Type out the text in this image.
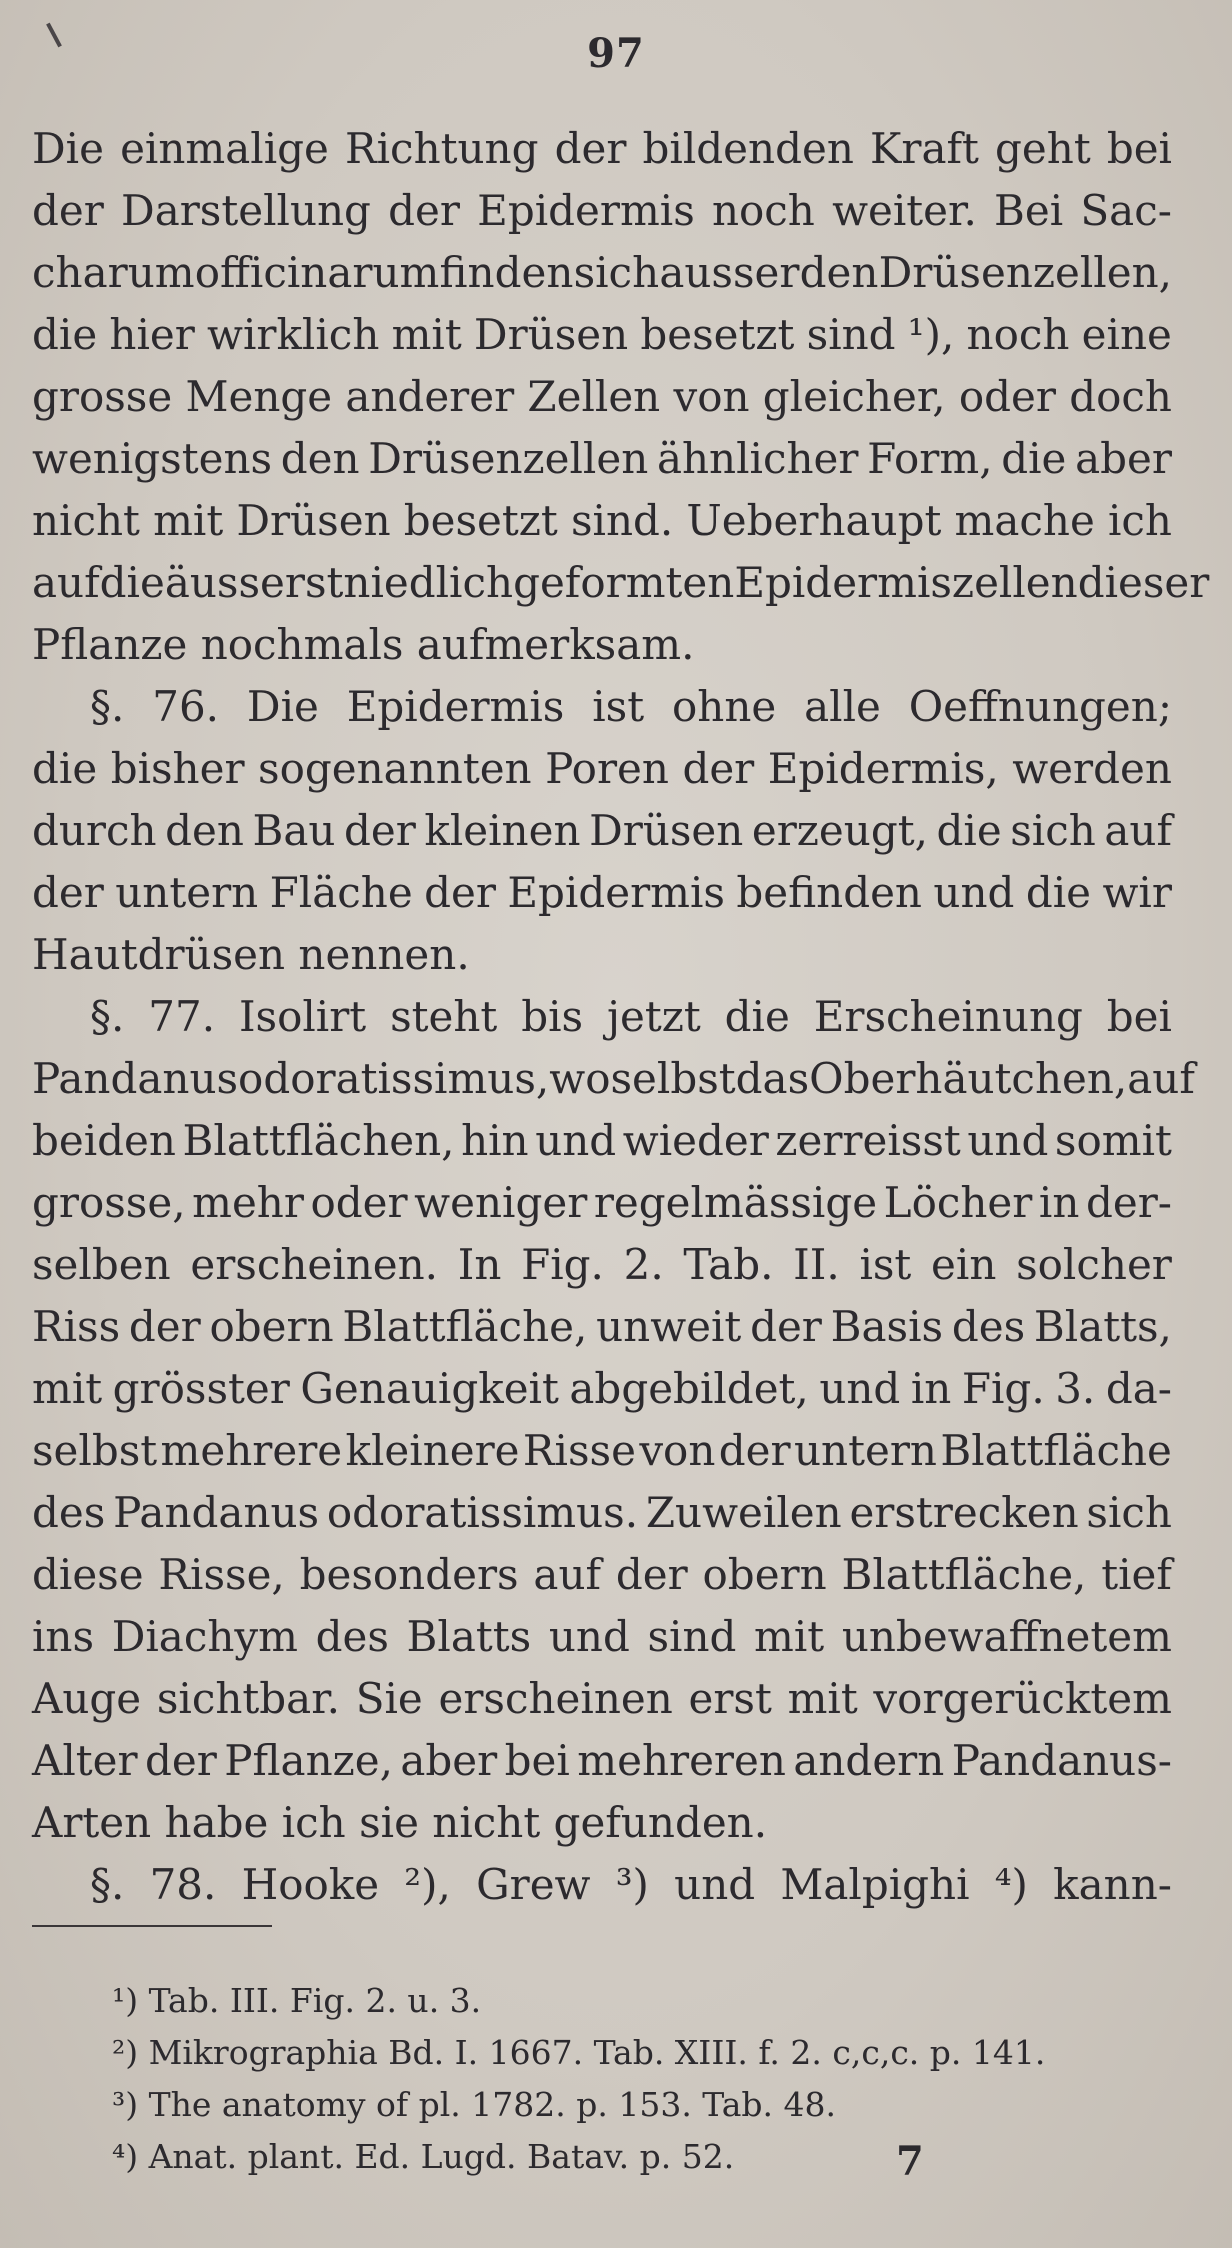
97
Die einmalige Richtung der bildenden Kraft geht bei
der Darstellung der Epidermis noch weiter. Bei Sac-
charum officinarum finden sich ausser den Drüsenzellen,
die hier wirklich mit Drüsen besetzt sind ¹), noch eine
grosse Menge anderer Zellen von gleicher, oder doch
wenigstens den Drüsenzellen ähnlicher Form, die aber
nicht mit Drüsen besetzt sind. Ueberhaupt mache ich
auf die äusserst niedlich geformten Epidermiszellen dieser
Pflanze nochmals aufmerksam.
§. 76. Die Epidermis ist ohne alle Oeffnungen;
die bisher sogenannten Poren der Epidermis, werden
durch den Bau der kleinen Drüsen erzeugt, die sich auf
der untern Fläche der Epidermis befinden und die wir
Hautdrüsen nennen.
§. 77. Isolirt steht bis jetzt die Erscheinung bei
Pandanus odoratissimus, woselbst das Oberhäutchen, auf
beiden Blattflächen, hin und wieder zerreisst und somit
grosse, mehr oder weniger regelmässige Löcher in der-
selben erscheinen. In Fig. 2. Tab. II. ist ein solcher
Riss der obern Blattfläche, unweit der Basis des Blatts,
mit grösster Genauigkeit abgebildet, und in Fig. 3. da-
selbst mehrere kleinere Risse von der untern Blattfläche
des Pandanus odoratissimus. Zuweilen erstrecken sich
diese Risse, besonders auf der obern Blattfläche, tief
ins Diachym des Blatts und sind mit unbewaffnetem
Auge sichtbar. Sie erscheinen erst mit vorgerücktem
Alter der Pflanze, aber bei mehreren andern Pandanus-
Arten habe ich sie nicht gefunden.
§. 78. Hooke ²), Grew ³) und Malpighi ⁴) kann-
¹) Tab. III. Fig. 2. u. 3.
²) Mikrographia Bd. I. 1667. Tab. XIII. f. 2. c,c,c. p. 141.
³) The anatomy of pl. 1782. p. 153. Tab. 48.
⁴) Anat. plant. Ed. Lugd. Batav. p. 52.	7
